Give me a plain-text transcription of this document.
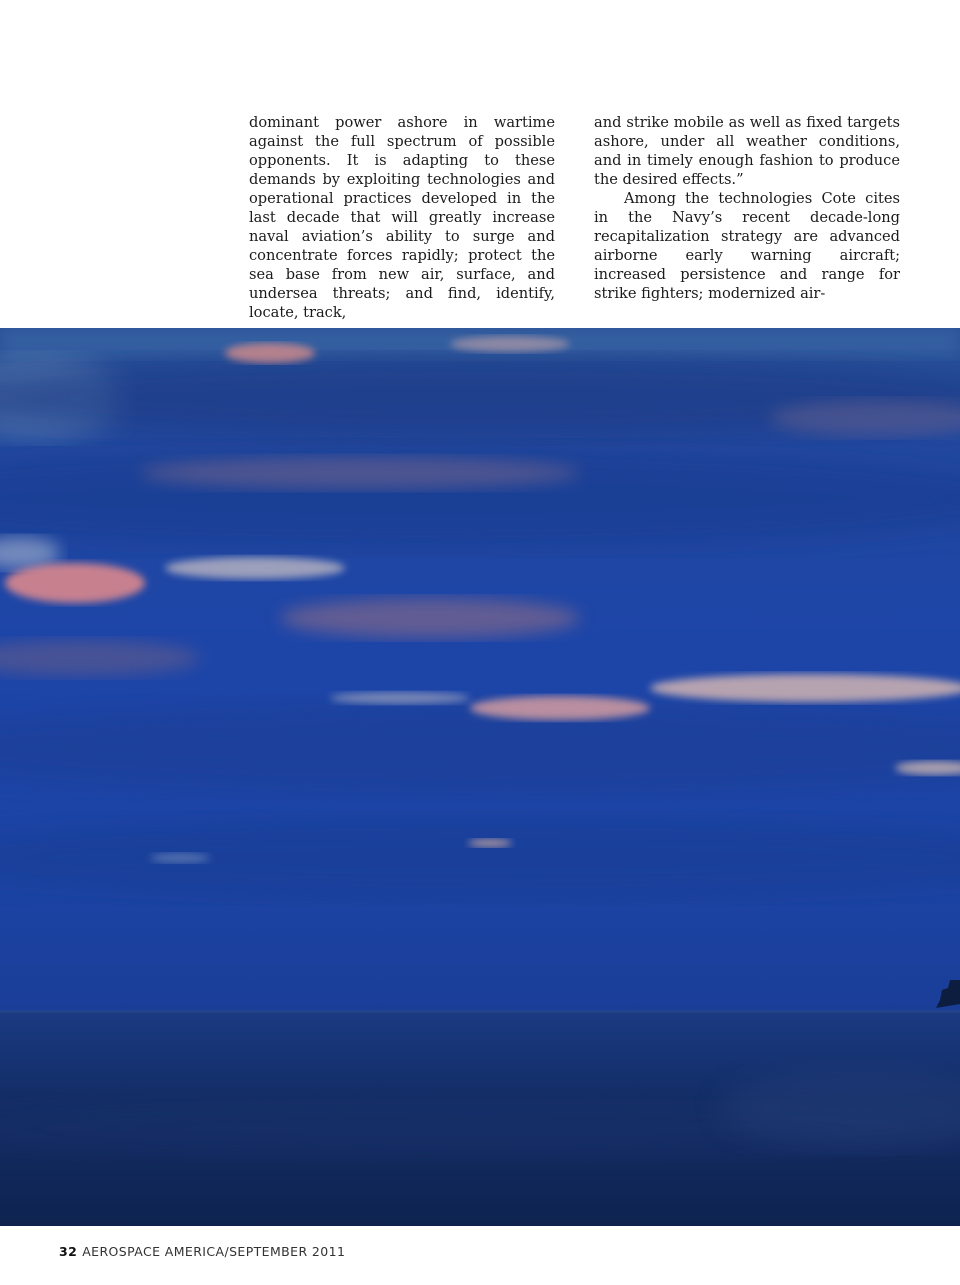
dominant power ashore in wartime against the full spectrum of possible opponents. It is adapting to these demands by exploiting technologies and operational practices developed in the last decade that will greatly increase naval aviation’s ability to surge and concentrate forces rapidly; protect the sea base from new air, surface, and undersea threats; and find, identify, locate, track,

and strike mobile as well as fixed targets ashore, under all weather conditions, and in timely enough fashion to produce the desired effects.”

Among the technologies Cote cites in the Navy’s recent decade-long recapitalization strategy are advanced airborne early warning aircraft; increased persistence and range for strike fighters; modernized air-

32 AEROSPACE AMERICA/SEPTEMBER 2011
